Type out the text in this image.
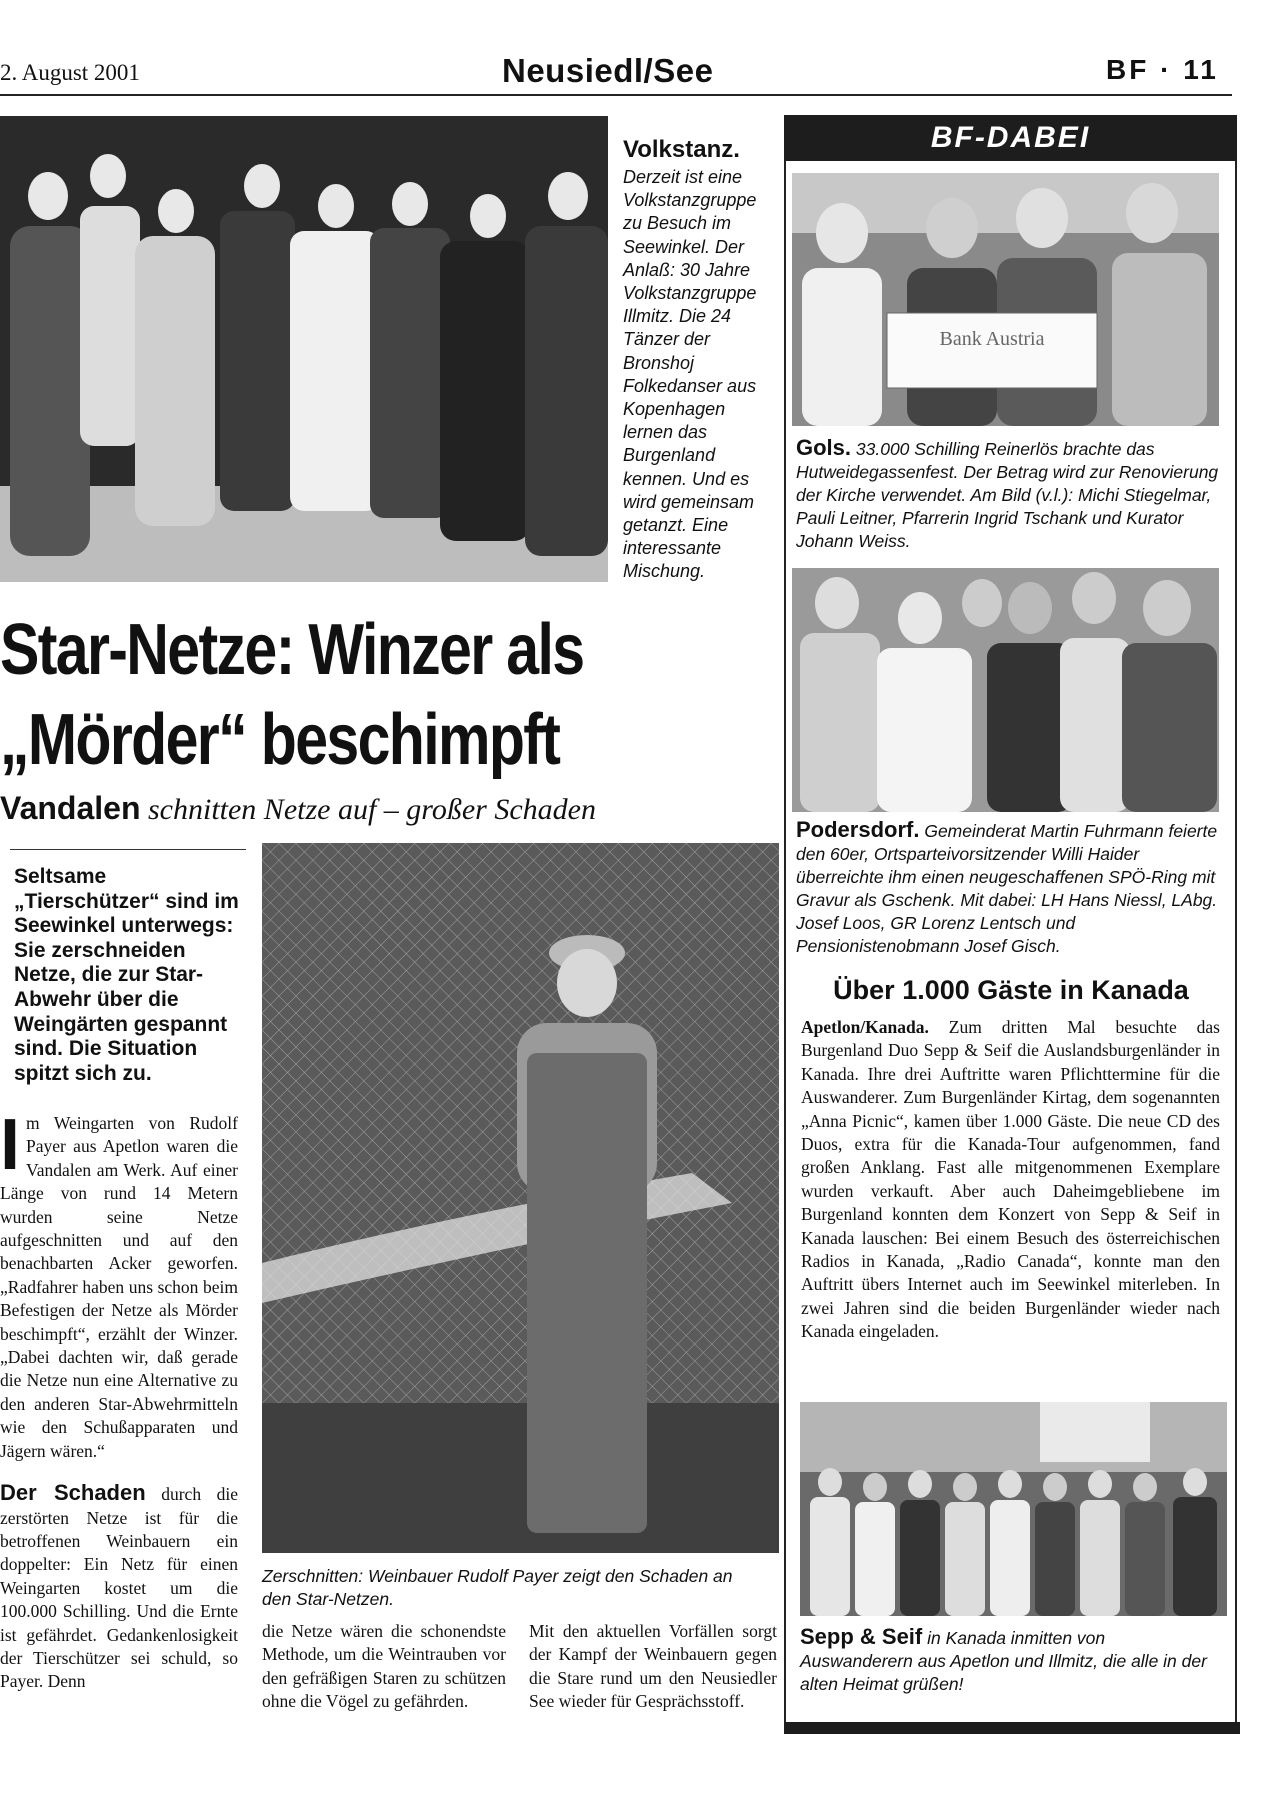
2. August 2001	Neusiedl/See	BF · 11
Volkstanz.
Derzeit ist eine Volkstanzgruppe zu Besuch im Seewinkel. Der Anlaß: 30 Jahre Volkstanzgruppe Illmitz. Die 24 Tänzer der Bronshoj Folkedanser aus Kopenhagen lernen das Burgenland kennen. Und es wird gemeinsam getanzt. Eine interessante Mischung.
Star-Netze: Winzer als
„Mörder“ beschimpft
Vandalen schnitten Netze auf – großer Schaden
Seltsame „Tierschützer“ sind im Seewinkel unterwegs: Sie zerschneiden Netze, die zur Star-Abwehr über die Weingärten gespannt sind. Die Situation spitzt sich zu.
Im Weingarten von Rudolf Payer aus Apetlon waren die Vandalen am Werk. Auf einer Länge von rund 14 Metern wurden seine Netze aufgeschnitten und auf den benachbarten Acker geworfen. „Radfahrer haben uns schon beim Befestigen der Netze als Mörder beschimpft“, erzählt der Winzer. „Dabei dachten wir, daß gerade die Netze nun eine Alternative zu den anderen Star-Abwehrmitteln wie den Schußapparaten und Jägern wären.“
Der Schaden durch die zerstörten Netze ist für die betroffenen Weinbauern ein doppelter: Ein Netz für einen Weingarten kostet um die 100.000 Schilling. Und die Ernte ist gefährdet. Gedankenlosigkeit der Tierschützer sei schuld, so Payer. Denn
Zerschnitten: Weinbauer Rudolf Payer zeigt den Schaden an den Star-Netzen.
die Netze wären die schonendste Methode, um die Weintrauben vor den gefräßigen Staren zu schützen ohne die Vögel zu gefährden.
Mit den aktuellen Vorfällen sorgt der Kampf der Weinbauern gegen die Stare rund um den Neusiedler See wieder für Gesprächsstoff.
BF-DABEI
Bank Austria
Gols. 33.000 Schilling Reinerlös brachte das Hutweidegassenfest. Der Betrag wird zur Renovierung der Kirche verwendet. Am Bild (v.l.): Michi Stiegelmar, Pauli Leitner, Pfarrerin Ingrid Tschank und Kurator Johann Weiss.
Podersdorf. Gemeinderat Martin Fuhrmann feierte den 60er, Ortsparteivorsitzender Willi Haider überreichte ihm einen neugeschaffenen SPÖ-Ring mit Gravur als Gschenk. Mit dabei: LH Hans Niessl, LAbg. Josef Loos, GR Lorenz Lentsch und Pensionistenobmann Josef Gisch.
Über 1.000 Gäste in Kanada
Apetlon/Kanada. Zum dritten Mal besuchte das Burgenland Duo Sepp & Seif die Auslandsburgenländer in Kanada. Ihre drei Auftritte waren Pflichttermine für die Auswanderer. Zum Burgenländer Kirtag, dem sogenannten „Anna Picnic“, kamen über 1.000 Gäste. Die neue CD des Duos, extra für die Kanada-Tour aufgenommen, fand großen Anklang. Fast alle mitgenommenen Exemplare wurden verkauft. Aber auch Daheimgebliebene im Burgenland konnten dem Konzert von Sepp & Seif in Kanada lauschen: Bei einem Besuch des österreichischen Radios in Kanada, „Radio Canada“, konnte man den Auftritt übers Internet auch im Seewinkel miterleben. In zwei Jahren sind die beiden Burgenländer wieder nach Kanada eingeladen.
Sepp & Seif in Kanada inmitten von Auswanderern aus Apetlon und Illmitz, die alle in der alten Heimat grüßen!
